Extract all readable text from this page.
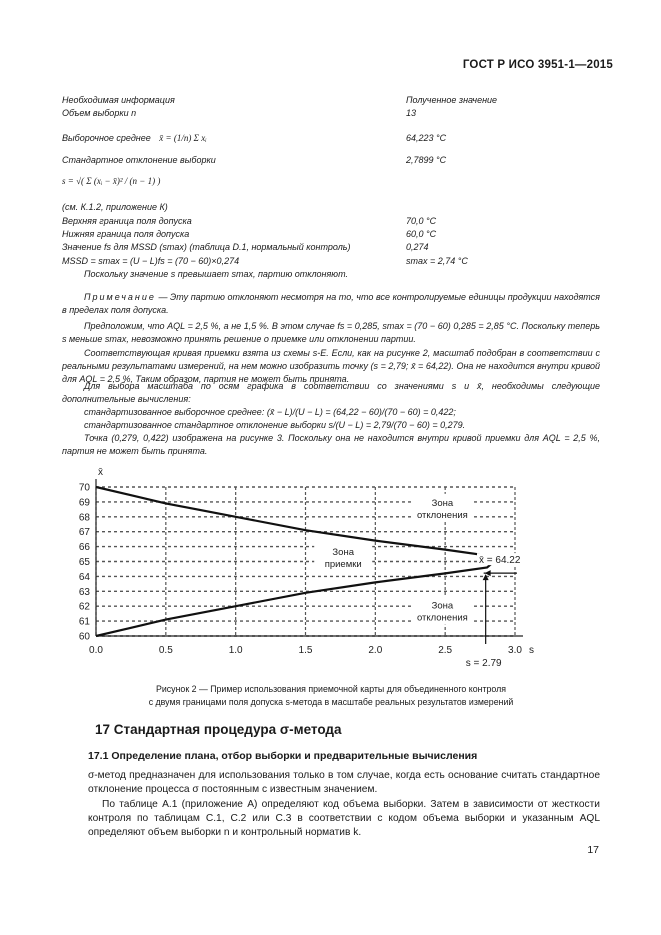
ГОСТ Р ИСО 3951-1—2015
Необходимая информация	Полученное значение
Объем выборки n	13
Выборочное среднее x̄ = (1/n) Σ xᵢ	64,223 °C
Стандартное отклонение выборки	2,7899 °C
s = √( Σ (xᵢ − x̄)² / (n − 1) )
(см. К.1.2, приложение К)
Верхняя граница поля допуска	70,0 °C
Нижняя граница поля допуска	60,0 °C
Значение fs для MSSD (smax) (таблица D.1, нормальный контроль)	0,274
MSSD = smax = (U − L)fs = (70 − 60)×0,274	smax = 2,74 °C
Поскольку значение s превышает smax, партию отклоняют.
Примечание — Эту партию отклоняют несмотря на то, что все контролируемые единицы продукции находятся в пределах поля допуска.
Предположим, что AQL = 2,5 %, а не 1,5 %. В этом случае fs = 0,285, smax = (70 − 60) 0,285 = 2,85 °C. Поскольку теперь s меньше smax, невозможно принять решение о приемке или отклонении партии.
Соответствующая кривая приемки взята из схемы s-E. Если, как на рисунке 2, масштаб подобран в соответствии с реальными результатами измерений, на нем можно изобразить точку (s = 2,79; x̄ = 64,22). Она не находится внутри кривой для AQL = 2,5 %, Таким образом, партия не может быть принята.
Для выбора масштаба по осям графика в соответствии со значениями s и x̄, необходимы следующие дополнительные вычисления:
стандартизованное выборочное среднее: (x̄ − L)/(U − L) = (64,22 − 60)/(70 − 60) = 0,422;
стандартизованное стандартное отклонение выборки s/(U − L) = 2,79/(70 − 60) = 0,279.
Точка (0,279, 0,422) изображена на рисунке 3. Поскольку она не находится внутри кривой приемки для AQL = 2,5 %, партия не может быть принята.
60
61
62
63
64
65
66
67
68
69
70
0.0	0.5	1.0	1.5	2.0	2.5	3.0
x̄
s
Зона
отклонения
Зона
приемки
Зона
отклонения
x̄ = 64.22
s = 2.79
Рисунок 2 — Пример использования приемочной карты для объединенного контроля
с двумя границами поля допуска s-метода в масштабе реальных результатов измерений
17 Стандартная процедура σ-метода
17.1 Определение плана, отбор выборки и предварительные вычисления
σ-метод предназначен для использования только в том случае, когда есть основание считать стандартное отклонение процесса σ постоянным с известным значением.
По таблице А.1 (приложение А) определяют код объема выборки. Затем в зависимости от жесткости контроля по таблицам С.1, С.2 или С.3 в соответствии с кодом объема выборки и указанным AQL определяют объем выборки n и контрольный норматив k.
17
